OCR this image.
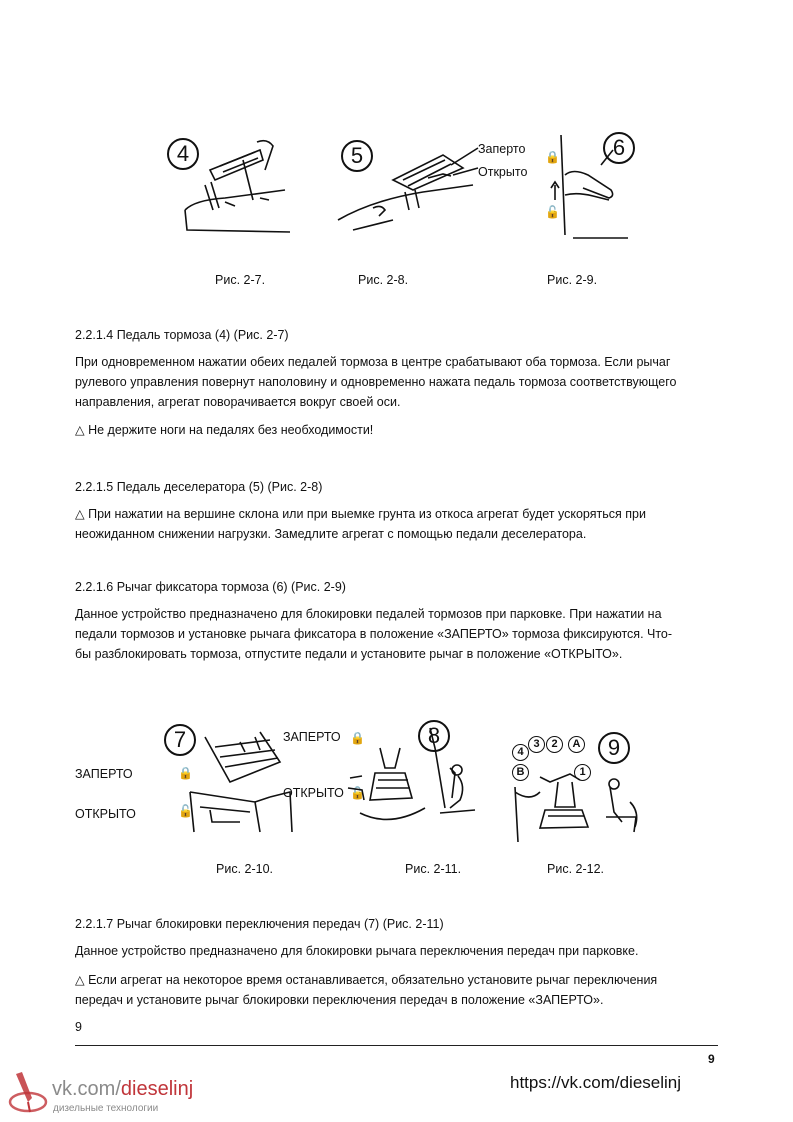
4
Рис. 2-7.
5	Заперто
Открыто
Рис. 2-8.
🔒
🔓
6
Рис. 2-9.
2.2.1.4 Педаль тормоза (4) (Рис. 2-7)
При одновременном нажатии обеих педалей тормоза в центре срабатывают оба тормоза. Если рычаг
рулевого управления повернут наполовину и одновременно нажата педаль тормоза соответствующего
направления, агрегат поворачивается вокруг своей оси.
△ Не держите ноги на педалях без необходимости!
2.2.1.5 Педаль деселератора (5) (Рис. 2-8)
△ При нажатии на вершине склона или при выемке грунта из откоса агрегат будет ускоряться при
неожиданном снижении нагрузки. Замедлите агрегат с помощью педали деселератора.
2.2.1.6 Рычаг фиксатора тормоза (6) (Рис. 2-9)
Данное устройство предназначено для блокировки педалей тормозов при парковке. При нажатии на
педали тормозов и установке рычага фиксатора в положение «ЗАПЕРТО» тормоза фиксируются. Что-
бы разблокировать тормоза, отпустите педали и установите рычаг в положение «ОТКРЫТО».
ЗАПЕРТО
ОТКРЫТО
🔒
🔓
7
Рис. 2-10.
ЗАПЕРТО 🔒
ОТКРЫТО 🔓
8
Рис. 2-11.
4
3	2	A
B	1
9
Рис. 2-12.
2.2.1.7 Рычаг блокировки переключения передач (7) (Рис. 2-11)
Данное устройство предназначено для блокировки рычага переключения передач при парковке.
△ Если агрегат на некоторое время останавливается, обязательно установите рычаг переключения
передач и установите рычаг блокировки переключения передач в положение «ЗАПЕРТО».
9
9
https://vk.com/dieselinj
vk.com/dieselinj
дизельные технологии
